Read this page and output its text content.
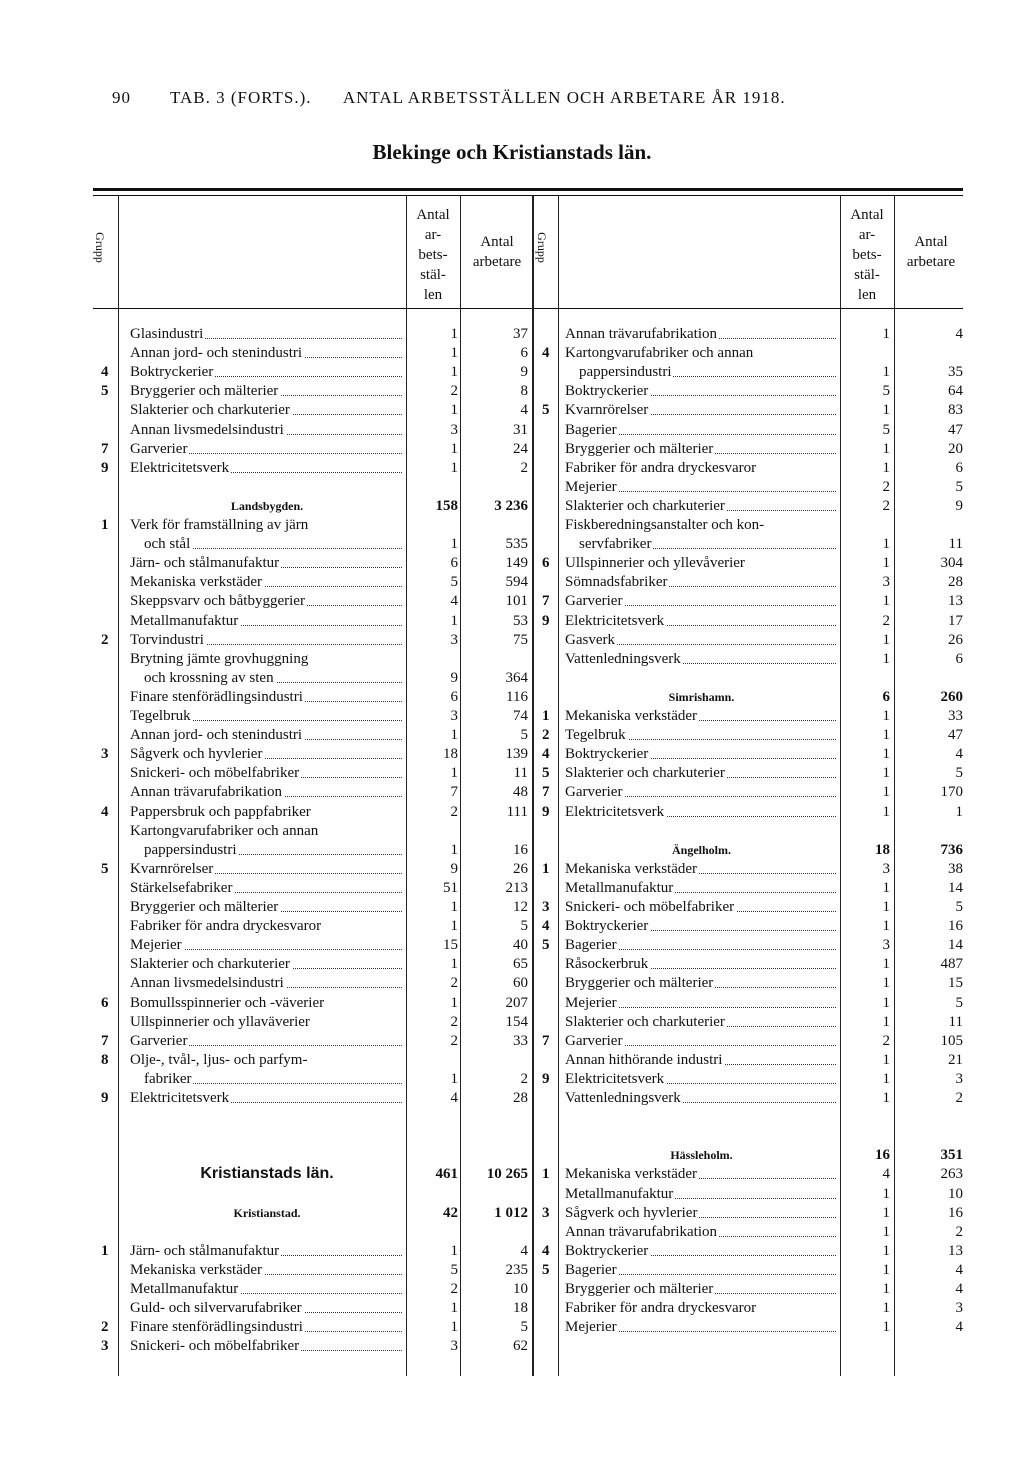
90 TAB. 3 (FORTS.). ANTAL ARBETSSTÄLLEN OCH ARBETARE ÅR 1918.
Blekinge och Kristianstads län.
Grupp
Antal
ar-
bets-
stäl-
len
Antal
arbetare	Grupp
Antal
ar-
bets-
stäl-
len
Antal
arbetare
Glasindustri	1	37
Annan jord- och stenindustri	1	6
4 Boktryckerier	1	9
5 Bryggerier och mälterier	2	8
Slakterier och charkuterier	1	4
Annan livsmedelsindustri	3	31
7 Garverier	1	24
9 Elektricitetsverk	1	2
Landsbygden.	158	3 236
1 Verk för framställning av järn
och stål	1	535
Järn- och stålmanufaktur	6	149
Mekaniska verkstäder	5	594
Skeppsvarv och båtbyggerier	4	101
Metallmanufaktur	1	53
2 Torvindustri	3	75
Brytning jämte grovhuggning
och krossning av sten	9	364
Finare stenförädlingsindustri	6	116
Tegelbruk	3	74
Annan jord- och stenindustri	1	5
3 Sågverk och hyvlerier	18	139
Snickeri- och möbelfabriker	1	11
Annan trävarufabrikation	7	48
4 Pappersbruk och pappfabriker	2	111
Kartongvarufabriker och annan
pappersindustri	1	16
5 Kvarnrörelser	9	26
Stärkelsefabriker	51	213
Bryggerier och mälterier	1	12
Fabriker för andra dryckesvaror	1	5
Mejerier	15	40
Slakterier och charkuterier	1	65
Annan livsmedelsindustri	2	60
6 Bomullsspinnerier och -väverier	1	207
Ullspinnerier och yllaväverier	2	154
7 Garverier	2	33
8 Olje-, tvål-, ljus- och parfym-
fabriker	1	2
9 Elektricitetsverk	4	28
Kristianstads län.	461	10 265
Kristianstad.	42	1 012
1 Järn- och stålmanufaktur	1	4
Mekaniska verkstäder	5	235
Metallmanufaktur	2	10
Guld- och silvervarufabriker	1	18
2 Finare stenförädlingsindustri	1	5
3 Snickeri- och möbelfabriker	3	62
Annan trävarufabrikation	1	4
4 Kartongvarufabriker och annan
pappersindustri	1	35
Boktryckerier	5	64
5 Kvarnrörelser	1	83
Bagerier	5	47
Bryggerier och mälterier	1	20
Fabriker för andra dryckesvaror	1	6
Mejerier	2	5
Slakterier och charkuterier	2	9
Fiskberedningsanstalter och kon-
servfabriker	1	11
6 Ullspinnerier och yllevåverier	1	304
Sömnadsfabriker	3	28
7 Garverier	1	13
9 Elektricitetsverk	2	17
Gasverk	1	26
Vattenledningsverk	1	6
Simrishamn.	6	260
1 Mekaniska verkstäder	1	33
2 Tegelbruk	1	47
4 Boktryckerier	1	4
5 Slakterier och charkuterier	1	5
7 Garverier	1	170
9 Elektricitetsverk	1	1
Ängelholm.	18	736
1 Mekaniska verkstäder	3	38
Metallmanufaktur	1	14
3 Snickeri- och möbelfabriker	1	5
4 Boktryckerier	1	16
5 Bagerier	3	14
Råsockerbruk	1	487
Bryggerier och mälterier	1	15
Mejerier	1	5
Slakterier och charkuterier	1	11
7 Garverier	2	105
Annan hithörande industri	1	21
9 Elektricitetsverk	1	3
Vattenledningsverk	1	2
Hässleholm.	16	351
1 Mekaniska verkstäder	4	263
Metallmanufaktur	1	10
3 Sågverk och hyvlerier	1	16
Annan trävarufabrikation	1	2
4 Boktryckerier	1	13
5 Bagerier	1	4
Bryggerier och mälterier	1	4
Fabriker för andra dryckesvaror	1	3
Mejerier	1	4
